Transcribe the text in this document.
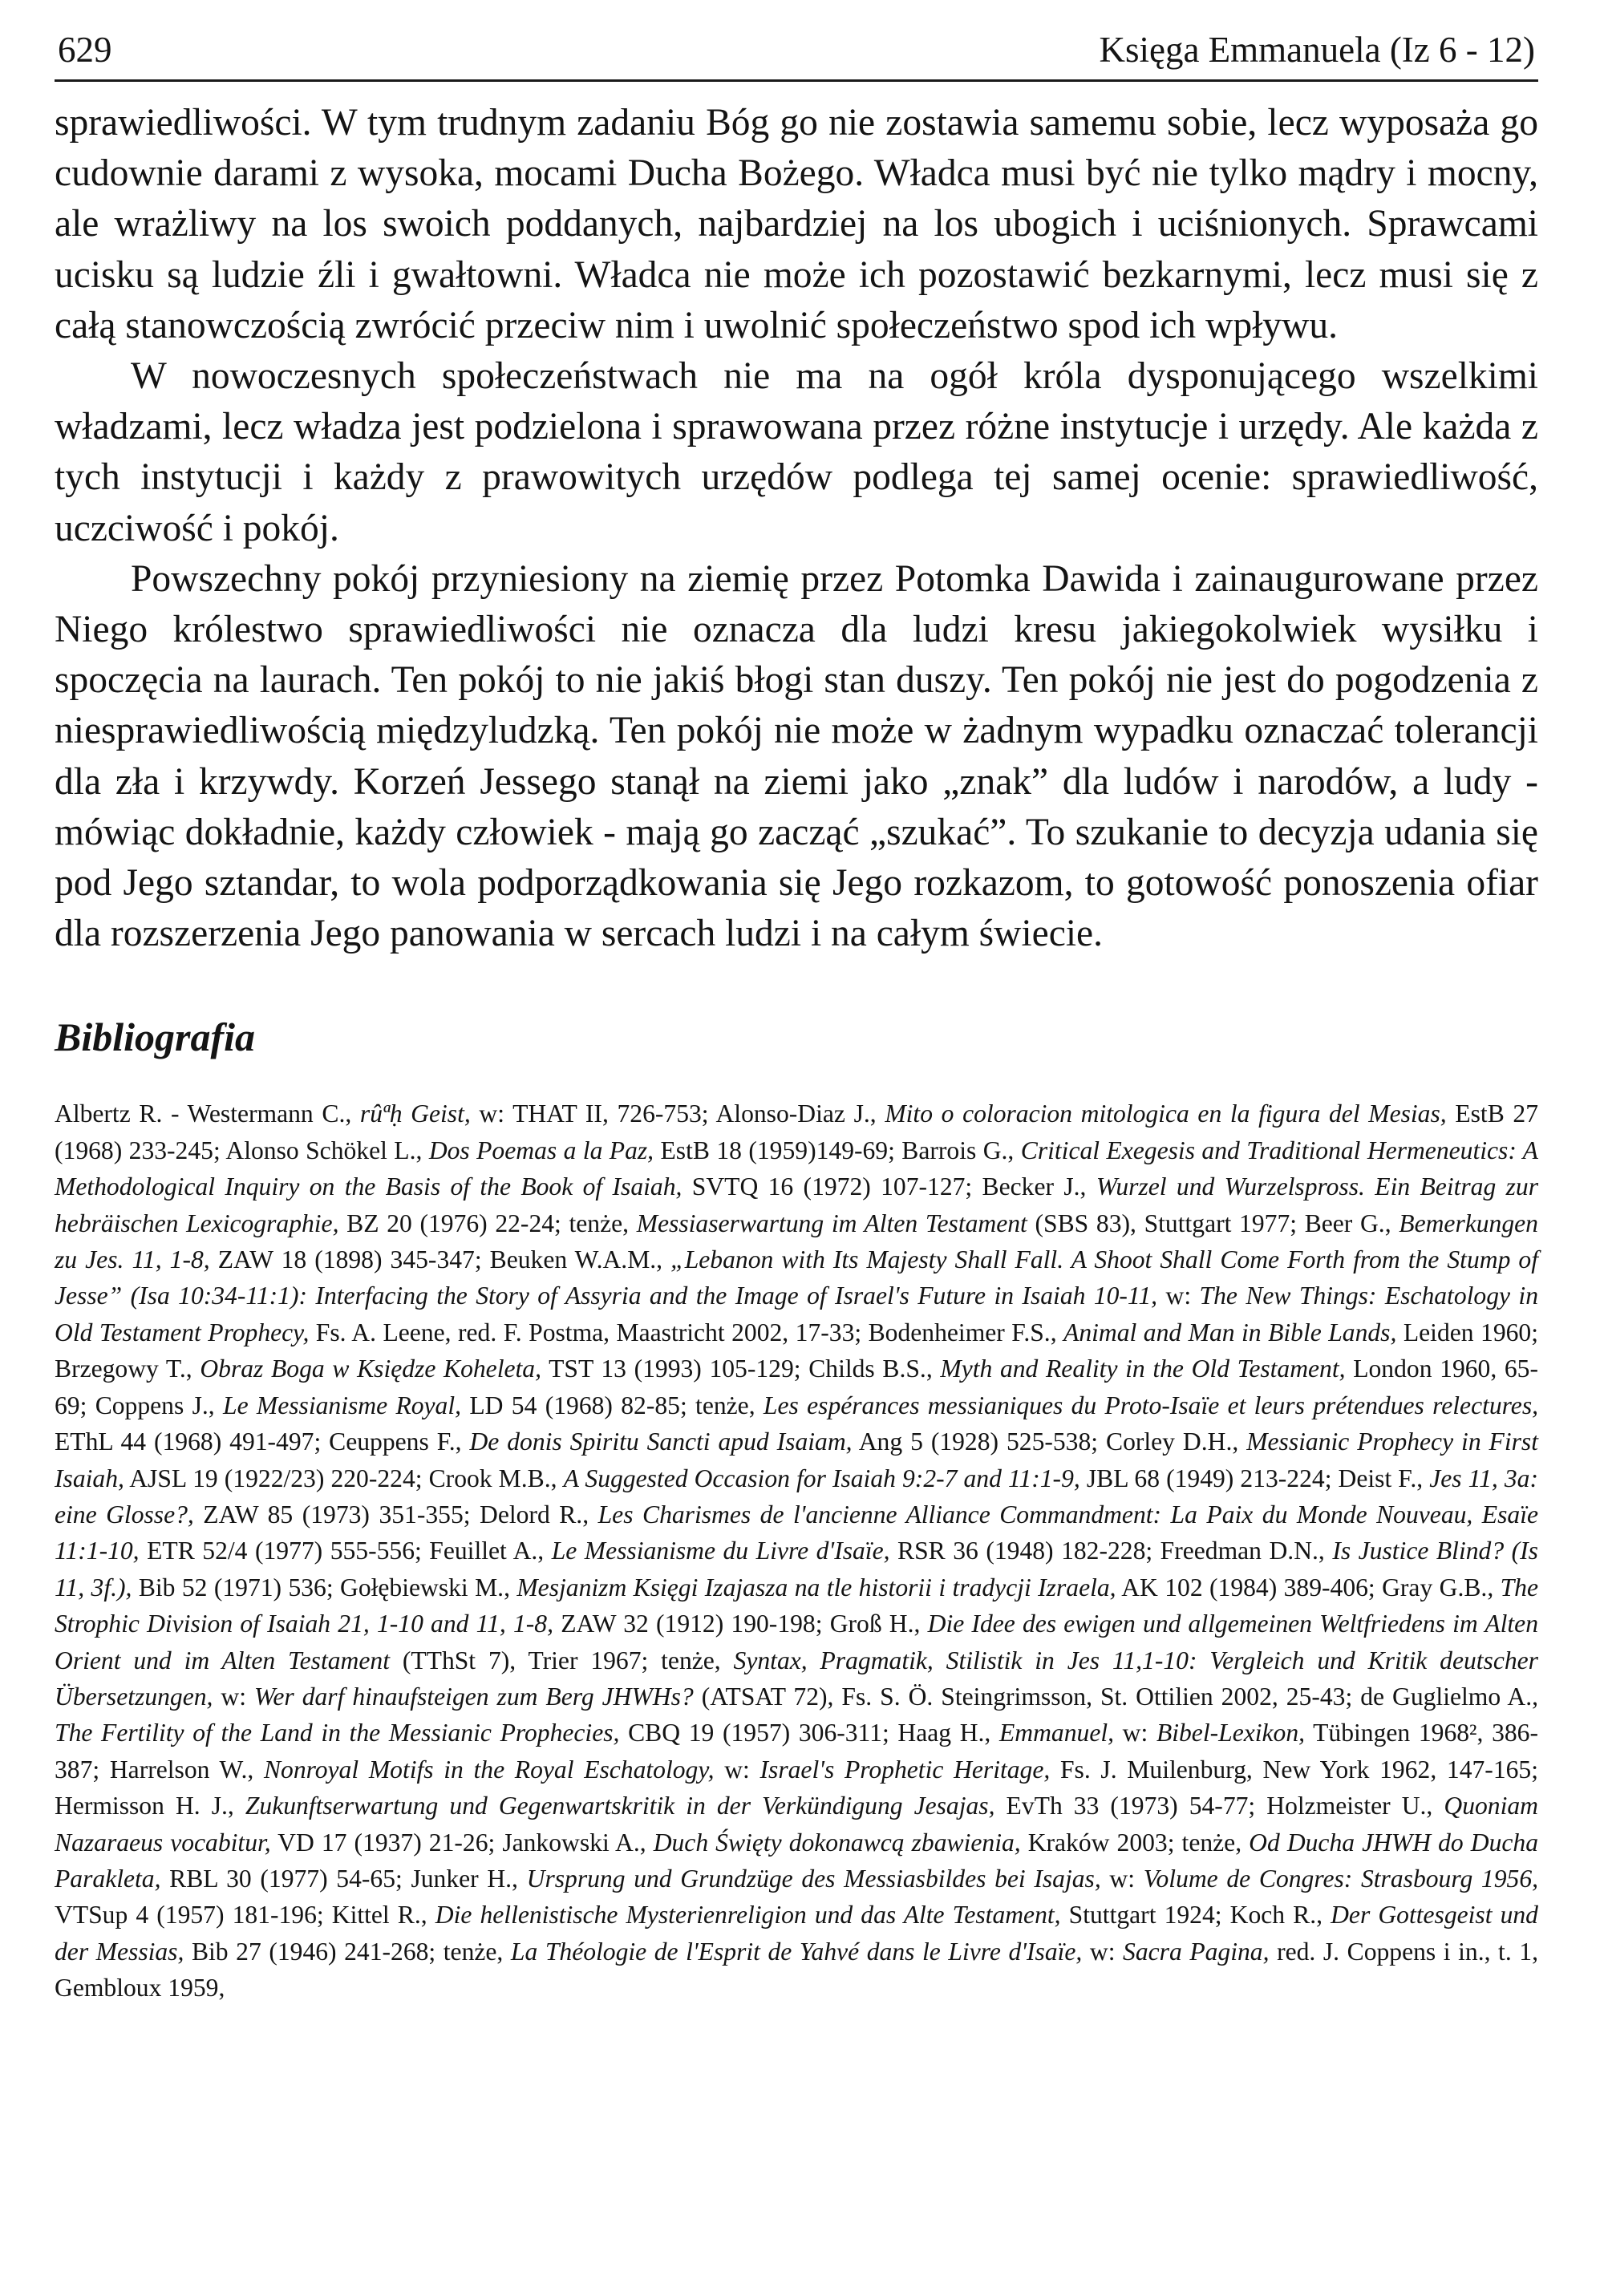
629	Księga Emmanuela (Iz 6 - 12)

sprawiedliwości. W tym trudnym zadaniu Bóg go nie zostawia samemu sobie, lecz wyposaża go cudownie darami z wysoka, mocami Ducha Bożego. Władca musi być nie tylko mądry i mocny, ale wrażliwy na los swoich poddanych, najbardziej na los ubogich i uciśnionych. Sprawcami ucisku są ludzie źli i gwałtowni. Władca nie może ich pozostawić bezkarnymi, lecz musi się z całą stanowczością zwrócić przeciw nim i uwolnić społeczeństwo spod ich wpływu.

W nowoczesnych społeczeństwach nie ma na ogół króla dysponującego wszelkimi władzami, lecz władza jest podzielona i sprawowana przez różne instytucje i urzędy. Ale każda z tych instytucji i każdy z prawowitych urzędów podlega tej samej ocenie: sprawiedliwość, uczciwość i pokój.

Powszechny pokój przyniesiony na ziemię przez Potomka Dawida i zainaugurowane przez Niego królestwo sprawiedliwości nie oznacza dla ludzi kresu jakiegokolwiek wysiłku i spoczęcia na laurach. Ten pokój to nie jakiś błogi stan duszy. Ten pokój nie jest do pogodzenia z niesprawiedliwością międzyludzką. Ten pokój nie może w żadnym wypadku oznaczać tolerancji dla zła i krzywdy. Korzeń Jessego stanął na ziemi jako „znak” dla ludów i narodów, a ludy - mówiąc dokładnie, każdy człowiek - mają go zacząć „szukać”. To szukanie to decyzja udania się pod Jego sztandar, to wola podporządkowania się Jego rozkazom, to gotowość ponoszenia ofiar dla rozszerzenia Jego panowania w sercach ludzi i na całym świecie.

Bibliografia
Albertz R. - Westermann C., rûªḥ Geist, w: THAT II, 726-753; Alonso-Diaz J., Mito o coloracion mitologica en la figura del Mesias, EstB 27 (1968) 233-245; Alonso Schökel L., Dos Poemas a la Paz, EstB 18 (1959)149-69; Barrois G., Critical Exegesis and Traditional Hermeneutics: A Methodological Inquiry on the Basis of the Book of Isaiah, SVTQ 16 (1972) 107-127; Becker J., Wurzel und Wurzelspross. Ein Beitrag zur hebräischen Lexicographie, BZ 20 (1976) 22-24; tenże, Messiaserwartung im Alten Testament (SBS 83), Stuttgart 1977; Beer G., Bemerkungen zu Jes. 11, 1-8, ZAW 18 (1898) 345-347; Beuken W.A.M., „Lebanon with Its Majesty Shall Fall. A Shoot Shall Come Forth from the Stump of Jesse” (Isa 10:34-11:1): Interfacing the Story of Assyria and the Image of Israel's Future in Isaiah 10-11, w: The New Things: Eschatology in Old Testament Prophecy, Fs. A. Leene, red. F. Postma, Maastricht 2002, 17-33; Bodenheimer F.S., Animal and Man in Bible Lands, Leiden 1960; Brzegowy T., Obraz Boga w Księdze Koheleta, TST 13 (1993) 105-129; Childs B.S., Myth and Reality in the Old Testament, London 1960, 65-69; Coppens J., Le Messianisme Royal, LD 54 (1968) 82-85; tenże, Les espérances messianiques du Proto-Isaïe et leurs prétendues relectures, EThL 44 (1968) 491-497; Ceuppens F., De donis Spiritu Sancti apud Isaiam, Ang 5 (1928) 525-538; Corley D.H., Messianic Prophecy in First Isaiah, AJSL 19 (1922/23) 220-224; Crook M.B., A Suggested Occasion for Isaiah 9:2-7 and 11:1-9, JBL 68 (1949) 213-224; Deist F., Jes 11, 3a: eine Glosse?, ZAW 85 (1973) 351-355; Delord R., Les Charismes de l'ancienne Alliance Commandment: La Paix du Monde Nouveau, Esaïe 11:1-10, ETR 52/4 (1977) 555-556; Feuillet A., Le Messianisme du Livre d'Isaïe, RSR 36 (1948) 182-228; Freedman D.N., Is Justice Blind? (Is 11, 3f.), Bib 52 (1971) 536; Gołębiewski M., Mesjanizm Księgi Izajasza na tle historii i tradycji Izraela, AK 102 (1984) 389-406; Gray G.B., The Strophic Division of Isaiah 21, 1-10 and 11, 1-8, ZAW 32 (1912) 190-198; Groß H., Die Idee des ewigen und allgemeinen Weltfriedens im Alten Orient und im Alten Testament (TThSt 7), Trier 1967; tenże, Syntax, Pragmatik, Stilistik in Jes 11,1-10: Vergleich und Kritik deutscher Übersetzungen, w: Wer darf hinaufsteigen zum Berg JHWHs? (ATSAT 72), Fs. S. Ö. Steingrimsson, St. Ottilien 2002, 25-43; de Guglielmo A., The Fertility of the Land in the Messianic Prophecies, CBQ 19 (1957) 306-311; Haag H., Emmanuel, w: Bibel-Lexikon, Tübingen 1968², 386-387; Harrelson W., Nonroyal Motifs in the Royal Eschatology, w: Israel's Prophetic Heritage, Fs. J. Muilenburg, New York 1962, 147-165; Hermisson H. J., Zukunftserwartung und Gegenwartskritik in der Verkündigung Jesajas, EvTh 33 (1973) 54-77; Holzmeister U., Quoniam Nazaraeus vocabitur, VD 17 (1937) 21-26; Jankowski A., Duch Święty dokonawcą zbawienia, Kraków 2003; tenże, Od Ducha JHWH do Ducha Parakleta, RBL 30 (1977) 54-65; Junker H., Ursprung und Grundzüge des Messiasbildes bei Isajas, w: Volume de Congres: Strasbourg 1956, VTSup 4 (1957) 181-196; Kittel R., Die hellenistische Mysterienreligion und das Alte Testament, Stuttgart 1924; Koch R., Der Gottesgeist und der Messias, Bib 27 (1946) 241-268; tenże, La Théologie de l'Esprit de Yahvé dans le Livre d'Isaïe, w: Sacra Pagina, red. J. Coppens i in., t. 1, Gembloux 1959,
